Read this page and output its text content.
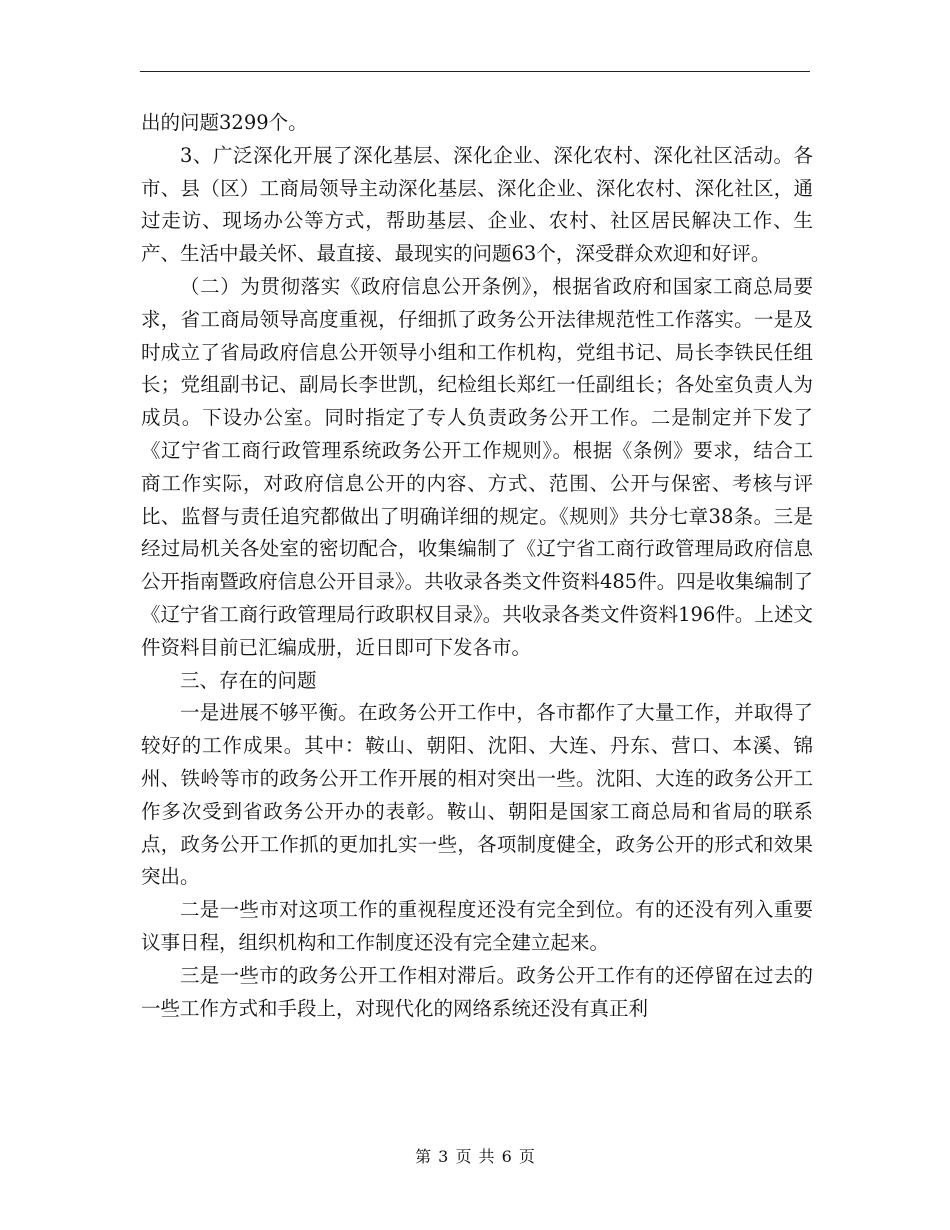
出的问题3299个。

3、广泛深化开展了深化基层、深化企业、深化农村、深化社区活动。各市、县（区）工商局领导主动深化基层、深化企业、深化农村、深化社区，通过走访、现场办公等方式，帮助基层、企业、农村、社区居民解决工作、生产、生活中最关怀、最直接、最现实的问题63个，深受群众欢迎和好评。

（二）为贯彻落实《政府信息公开条例》，根据省政府和国家工商总局要求，省工商局领导高度重视，仔细抓了政务公开法律规范性工作落实。一是及时成立了省局政府信息公开领导小组和工作机构，党组书记、局长李铁民任组长；党组副书记、副局长李世凯，纪检组长郑红一任副组长；各处室负责人为成员。下设办公室。同时指定了专人负责政务公开工作。二是制定并下发了《辽宁省工商行政管理系统政务公开工作规则》。根据《条例》要求，结合工商工作实际，对政府信息公开的内容、方式、范围、公开与保密、考核与评比、监督与责任追究都做出了明确详细的规定。《规则》共分七章38条。三是经过局机关各处室的密切配合，收集编制了《辽宁省工商行政管理局政府信息公开指南暨政府信息公开目录》。共收录各类文件资料485件。四是收集编制了《辽宁省工商行政管理局行政职权目录》。共收录各类文件资料196件。上述文件资料目前已汇编成册，近日即可下发各市。

三、存在的问题

一是进展不够平衡。在政务公开工作中，各市都作了大量工作，并取得了较好的工作成果。其中：鞍山、朝阳、沈阳、大连、丹东、营口、本溪、锦州、铁岭等市的政务公开工作开展的相对突出一些。沈阳、大连的政务公开工作多次受到省政务公开办的表彰。鞍山、朝阳是国家工商总局和省局的联系点，政务公开工作抓的更加扎实一些，各项制度健全，政务公开的形式和效果突出。

二是一些市对这项工作的重视程度还没有完全到位。有的还没有列入重要议事日程，组织机构和工作制度还没有完全建立起来。

三是一些市的政务公开工作相对滞后。政务公开工作有的还停留在过去的一些工作方式和手段上，对现代化的网络系统还没有真正利

第 3 页 共 6 页
